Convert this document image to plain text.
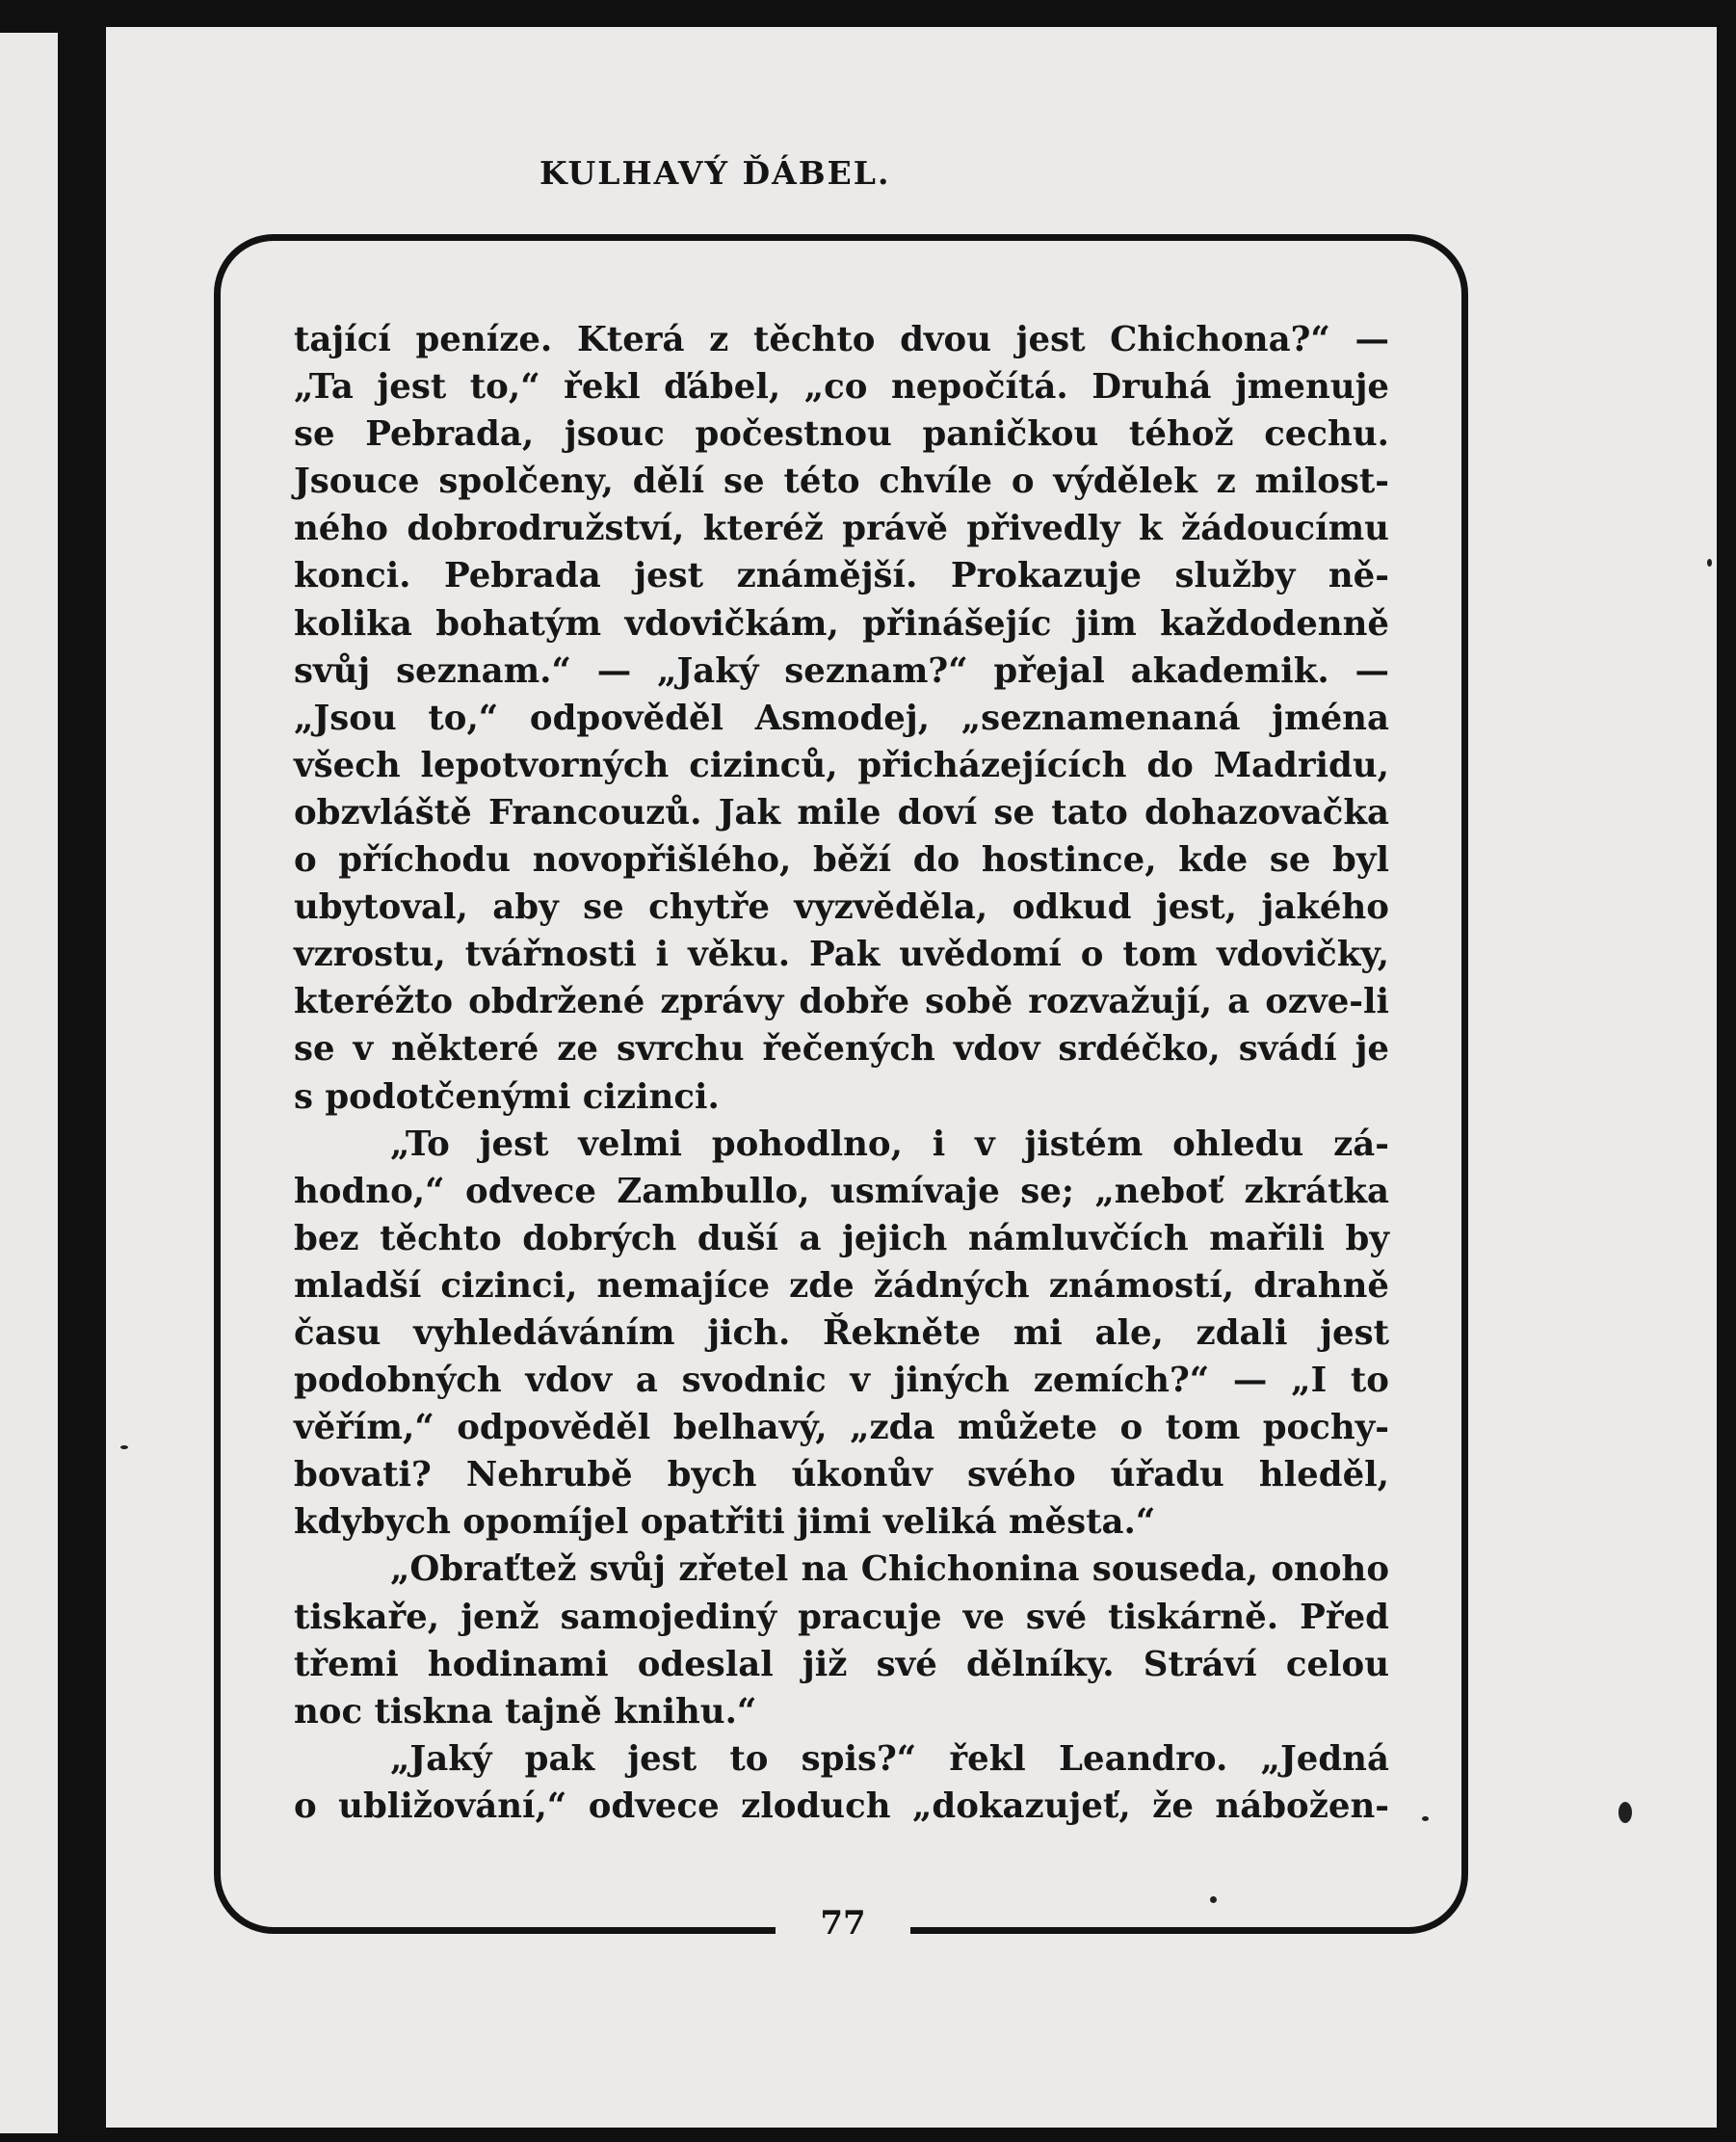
KULHAVÝ ĎÁBEL.
tající peníze. Která z těchto dvou jest Chichona?“ —
„Ta jest to,“ řekl ďábel, „co nepočítá. Druhá jmenuje
se Pebrada, jsouc počestnou paničkou téhož cechu.
Jsouce spolčeny, dělí se této chvíle o výdělek z milost-
ného dobrodružství, kteréž právě přivedly k žádoucímu
konci. Pebrada jest známější. Prokazuje služby ně-
kolika bohatým vdovičkám, přinášejíc jim každodenně
svůj seznam.“ — „Jaký seznam?“ přejal akademik. —
„Jsou to,“ odpověděl Asmodej, „seznamenaná jména
všech lepotvorných cizinců, přicházejících do Madridu,
obzvláště Francouzů. Jak mile doví se tato dohazovačka
o příchodu novopřišlého, běží do hostince, kde se byl
ubytoval, aby se chytře vyzvěděla, odkud jest, jakého
vzrostu, tvářnosti i věku. Pak uvědomí o tom vdovičky,
kteréžto obdržené zprávy dobře sobě rozvažují, a ozve-li
se v některé ze svrchu řečených vdov srdéčko, svádí je
s podotčenými cizinci.
„To jest velmi pohodlno, i v jistém ohledu zá-
hodno,“ odvece Zambullo, usmívaje se; „neboť zkrátka
bez těchto dobrých duší a jejich námluvčích mařili by
mladší cizinci, nemajíce zde žádných známostí, drahně
času vyhledáváním jich. Řekněte mi ale, zdali jest
podobných vdov a svodnic v jiných zemích?“ — „I to
věřím,“ odpověděl belhavý, „zda můžete o tom pochy-
bovati? Nehrubě bych úkonův svého úřadu hleděl,
kdybych opomíjel opatřiti jimi veliká města.“
„Obraťtež svůj zřetel na Chichonina souseda, onoho
tiskaře, jenž samojediný pracuje ve své tiskárně. Před
třemi hodinami odeslal již své dělníky. Stráví celou
noc tiskna tajně knihu.“
„Jaký pak jest to spis?“ řekl Leandro. „Jedná
o ubližování,“ odvece zloduch „dokazujeť, že nábožen-
77
